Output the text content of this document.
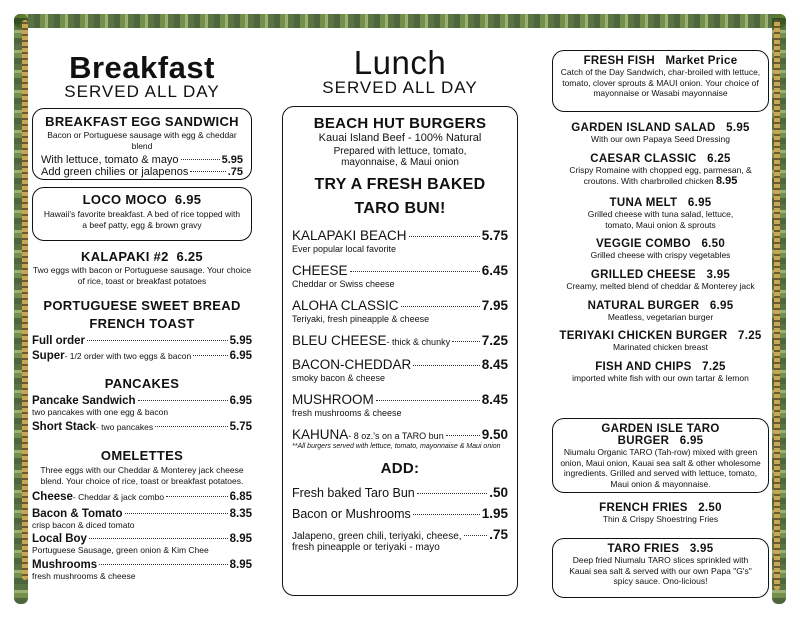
Breakfast
SERVED ALL DAY
BREAKFAST EGG SANDWICH
Bacon or Portuguese sausage with egg & cheddar blend
With lettuce, tomato & mayo	5.95
Add green chilies or jalapenos	.75
LOCO MOCO 6.95
Hawaii's favorite breakfast. A bed of rice topped with a beef patty, egg & brown gravy
KALAPAKI #2 6.25
Two eggs with bacon or Portuguese sausage. Your choice of rice, toast or breakfast potatoes
PORTUGUESE SWEET BREAD
FRENCH TOAST
Full order	5.95
Super - 1/2 order with two eggs & bacon	6.95
PANCAKES
Pancake Sandwich	6.95
two pancakes with one egg & bacon
Short Stack - two pancakes	5.75
OMELETTES
Three eggs with our Cheddar & Monterey jack cheese blend. Your choice of rice, toast or breakfast potatoes.
Cheese - Cheddar & jack combo	6.85
Bacon & Tomato	8.35
crisp bacon & diced tomato
Local Boy	8.95
Portuguese Sausage, green onion & Kim Chee
Mushrooms	8.95
fresh mushrooms & cheese
Lunch
SERVED ALL DAY
BEACH HUT BURGERS
Kauai Island Beef - 100% Natural
Prepared with lettuce, tomato,
mayonnaise, & Maui onion
TRY A FRESH BAKED
TARO BUN!
KALAPAKI BEACH	5.75
Ever popular local favorite
CHEESE	6.45
Cheddar or Swiss cheese
ALOHA CLASSIC	7.95
Teriyaki, fresh pineapple & cheese
BLEU CHEESE - thick & chunky 7.25
BACON-CHEDDAR	8.45
smoky bacon & cheese
MUSHROOM	8.45
fresh mushrooms & cheese
KAHUNA - 8 oz.'s on a TARO bun	9.50
**All burgers served with lettuce, tomato, mayonnaise & Maui onion
ADD:
Fresh baked Taro Bun	.50
Bacon or Mushrooms	1.95
Jalapeno, green chili, teriyaki, cheese, .75
fresh pineapple or teriyaki - mayo
FRESH FISH Market Price
Catch of the Day Sandwich, char-broiled with lettuce, tomato, clover sprouts & MAUI onion. Your choice of mayonnaise or Wasabi mayonnaise
GARDEN ISLAND SALAD 5.95
With our own Papaya Seed Dressing
CAESAR CLASSIC 6.25
Crispy Romaine with chopped egg, parmesan, & croutons. With charbroiled chicken 8.95
TUNA MELT 6.95
Grilled cheese with tuna salad, lettuce, tomato, Maui onion & sprouts
VEGGIE COMBO 6.50
Grilled cheese with crispy vegetables
GRILLED CHEESE 3.95
Creamy, melted blend of cheddar & Monterey jack
NATURAL BURGER 6.95
Meatless, vegetarian burger
TERIYAKI CHICKEN BURGER 7.25
Marinated chicken breast
FISH AND CHIPS 7.25
imported white fish with our own tartar & lemon
GARDEN ISLE TARO BURGER 6.95
Niumalu Organic TARO (Tah-row) mixed with green onion, Maui onion, Kauai sea salt & other wholesome ingredients. Grilled and served with lettuce, tomato, Maui onion & mayonnaise.
FRENCH FRIES 2.50
Thin & Crispy Shoestring Fries
TARO FRIES 3.95
Deep fried Niumalu TARO slices sprinkled with Kauai sea salt & served with our own Papa "G's" spicy sauce. Ono-licious!
